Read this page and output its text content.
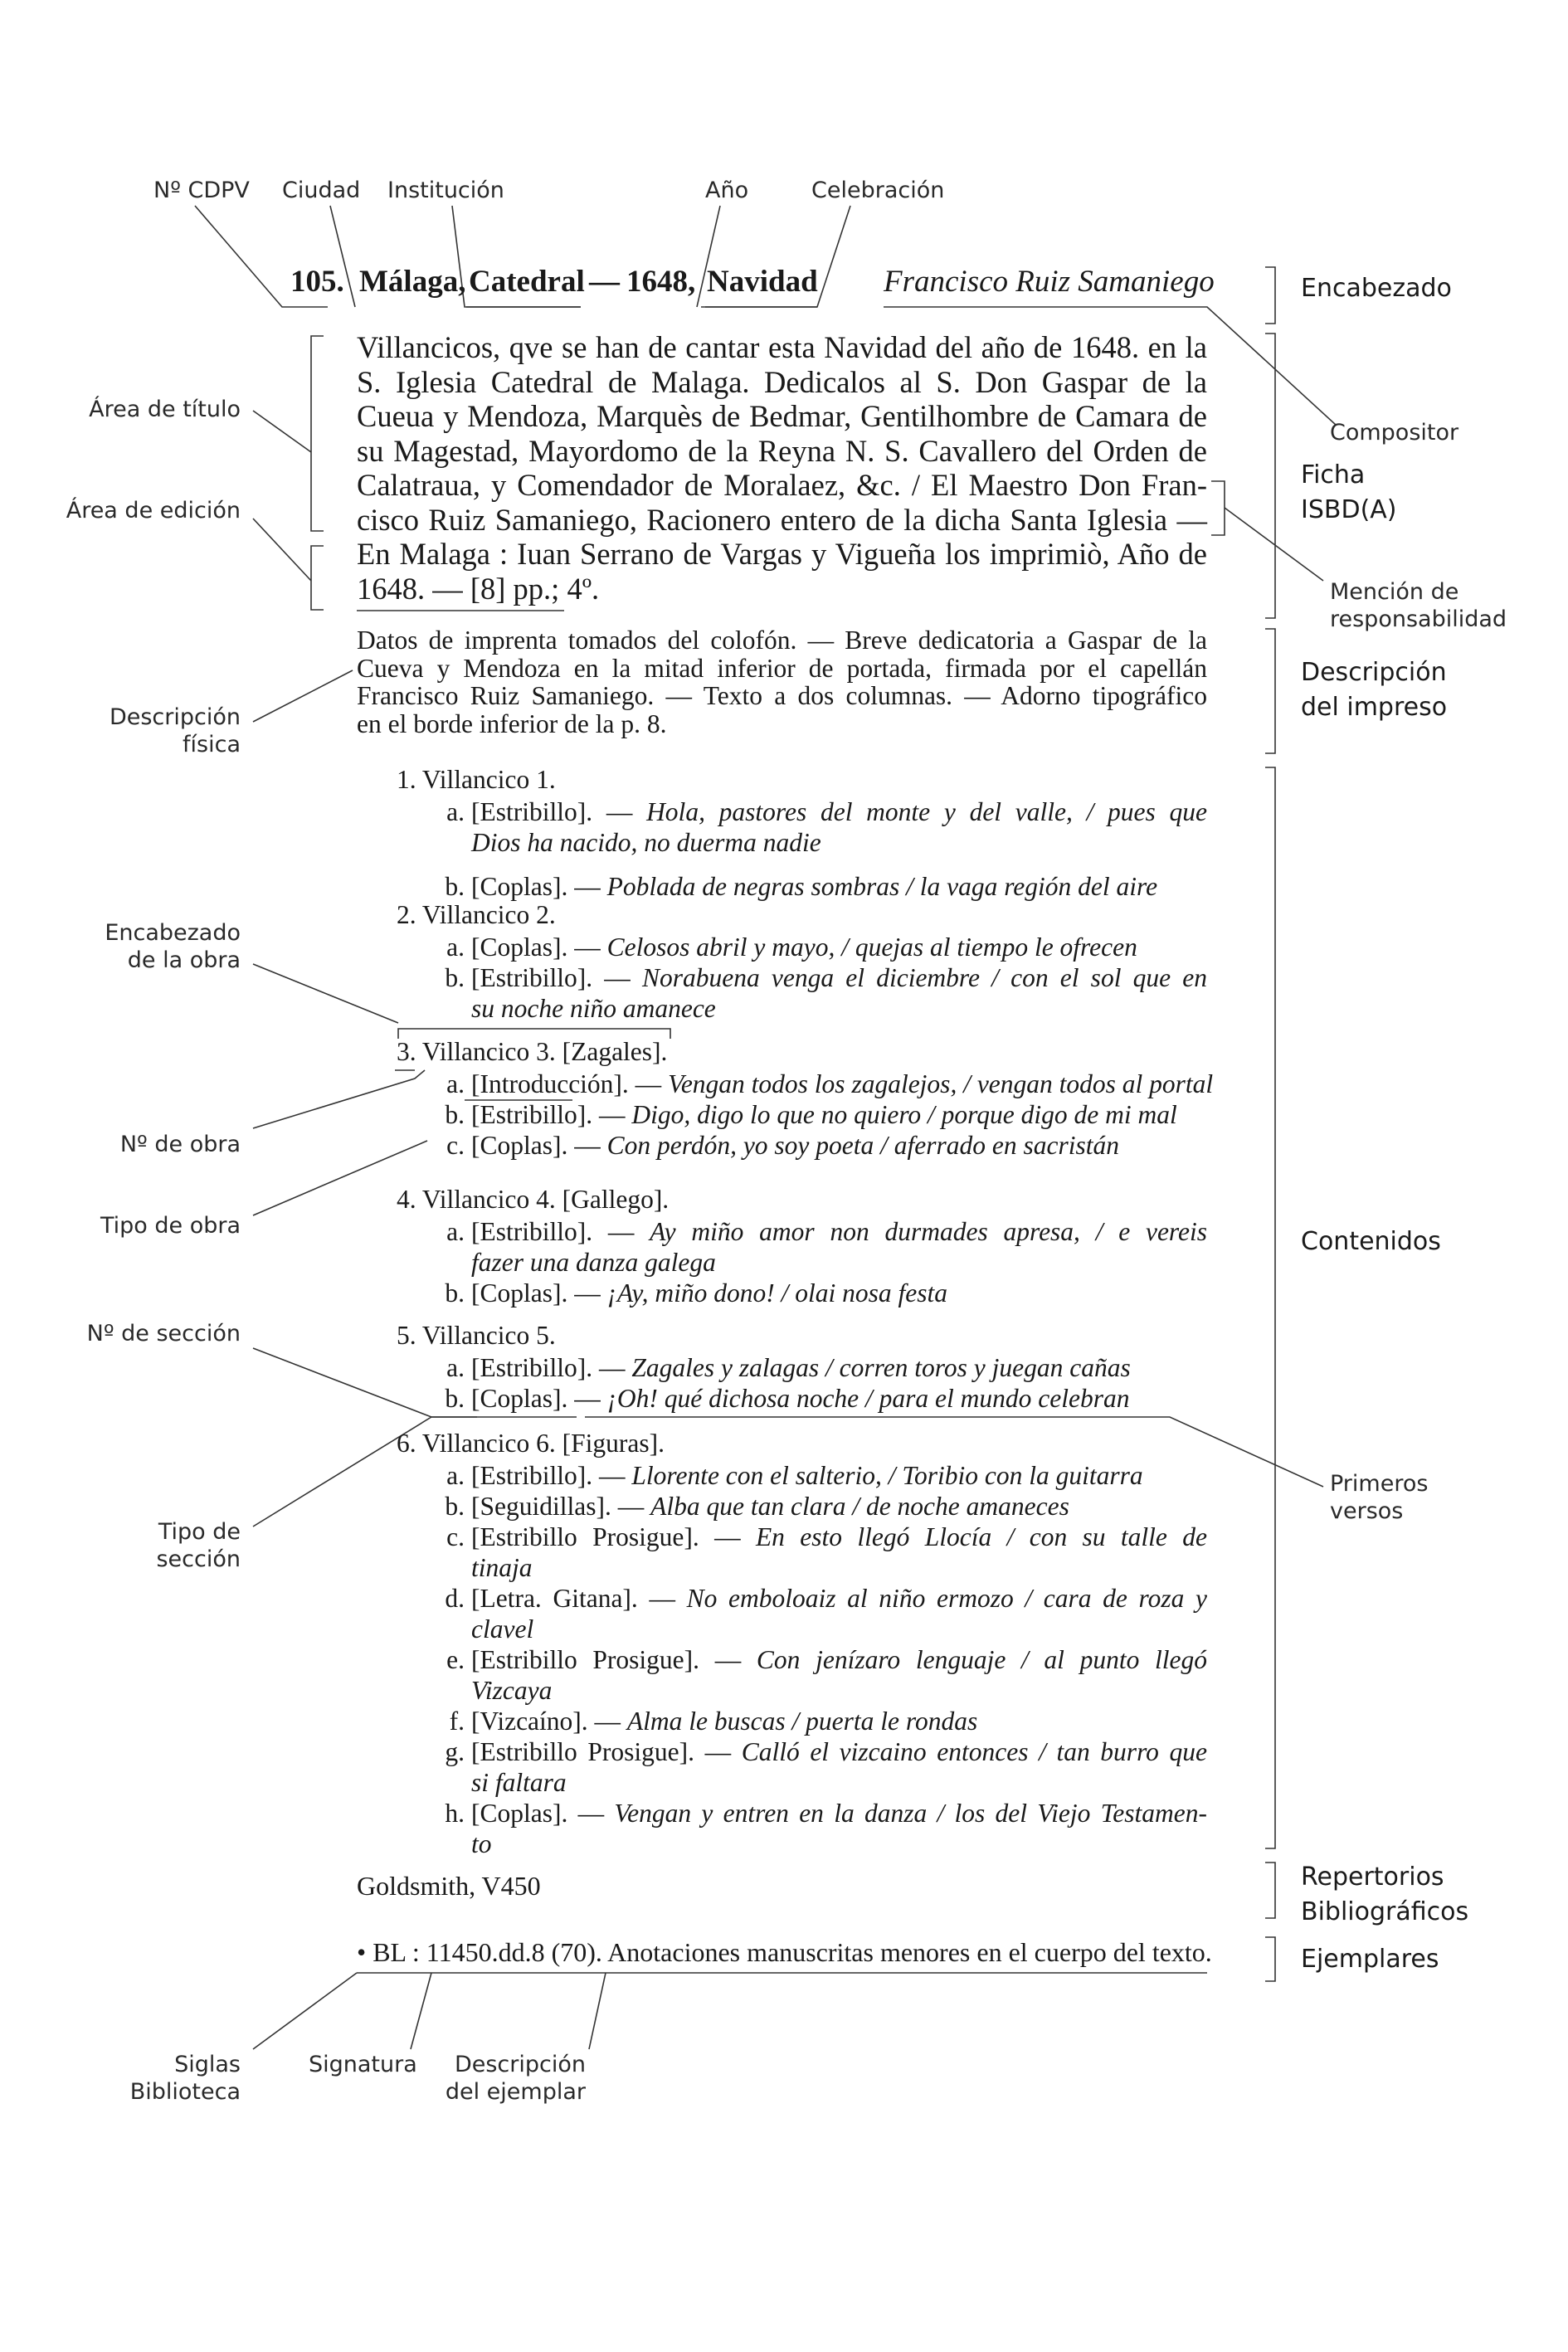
Nº CDPV Ciudad Institución	Año	Celebración
105. Málaga, Catedral — 1648, Navidad Francisco Ruiz Samaniego
Villancicos, qve se han de cantar esta Navidad del año de 1648. en la
S. Iglesia Catedral de Malaga. Dedicalos al S. Don Gaspar de la
Cueua y Mendoza, Marquès de Bedmar, Gentilhombre de Camara de
su Magestad, Mayordomo de la Reyna N. S. Cavallero del Orden de
Calatraua, y Comendador de Moralaez, &c. / El Maestro Don Fran-
cisco Ruiz Samaniego, Racionero entero de la dicha Santa Iglesia —
En Malaga : Iuan Serrano de Vargas y Vigueña los imprimiò, Año de
1648. — [8] pp.; 4º.
Datos de imprenta tomados del colofón. — Breve dedicatoria a Gaspar de la
Cueva y Mendoza en la mitad inferior de portada, firmada por el capellán
Francisco Ruiz Samaniego. — Texto a dos columnas. — Adorno tipográfico
en el borde inferior de la p. 8.
1. Villancico 1.
a. [Estribillo]. — Hola, pastores del monte y del valle, / pues que
Dios ha nacido, no duerma nadie
b. [Coplas]. — Poblada de negras sombras / la vaga región del aire
2. Villancico 2.
a. [Coplas]. — Celosos abril y mayo, / quejas al tiempo le ofrecen
b. [Estribillo]. — Norabuena venga el diciembre / con el sol que en
su noche niño amanece
3. Villancico 3. [Zagales].
a. [Introducción]. — Vengan todos los zagalejos, / vengan todos al portal
b. [Estribillo]. — Digo, digo lo que no quiero / porque digo de mi mal
c. [Coplas]. — Con perdón, yo soy poeta / aferrado en sacristán
4. Villancico 4. [Gallego].
a. [Estribillo]. — Ay miño amor non durmades apresa, / e vereis
fazer una danza galega
b. [Coplas]. — ¡Ay, miño dono! / olai nosa festa
5. Villancico 5.
a. [Estribillo]. — Zagales y zalagas / corren toros y juegan cañas
b. [Coplas]. — ¡Oh! qué dichosa noche / para el mundo celebran
6. Villancico 6. [Figuras].
a. [Estribillo]. — Llorente con el salterio, / Toribio con la guitarra
b. [Seguidillas]. — Alba que tan clara / de noche amaneces
c. [Estribillo Prosigue]. — En esto llegó Llocía / con su talle de
tinaja
d. [Letra. Gitana]. — No emboloaiz al niño ermozo / cara de roza y
clavel
e. [Estribillo Prosigue]. — Con jenízaro lenguaje / al punto llegó
Vizcaya
f. [Vizcaíno]. — Alma le buscas / puerta le rondas
g. [Estribillo Prosigue]. — Calló el vizcaino entonces / tan burro que
si faltara
h. [Coplas]. — Vengan y entren en la danza / los del Viejo Testamen-
to
Goldsmith, V450
• BL : 11450.dd.8 (70). Anotaciones manuscritas menores en el cuerpo del texto.
Área de título
Área de edición
Descripción
física
Encabezado
de la obra
Nº de obra
Tipo de obra
Nº de sección
Tipo de
sección
Siglas
Biblioteca
Signatura	Descripción
del ejemplar
Compositor
Mención de
responsabilidad
Primeros
versos
Encabezado
Ficha
ISBD(A)
Descripción
del impreso
Contenidos
Repertorios
Bibliográficos
Ejemplares
